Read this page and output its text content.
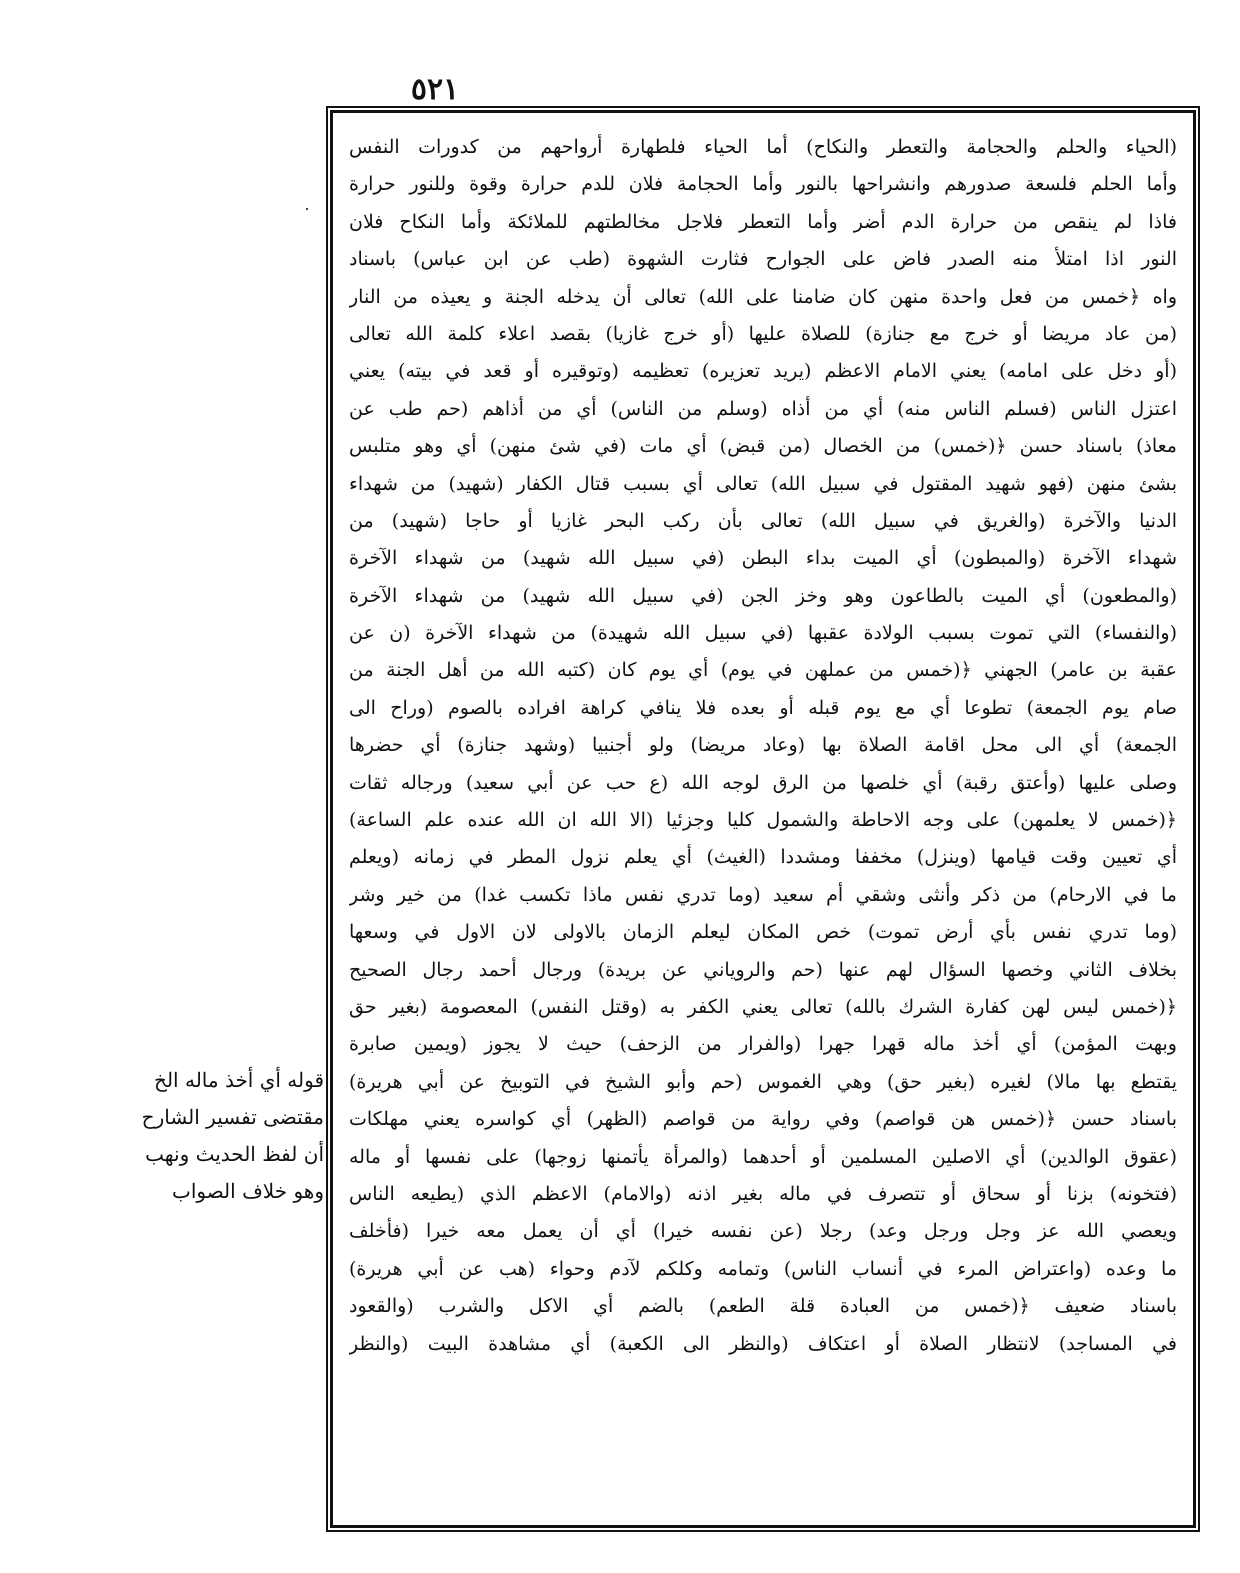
٥٢١
(الحياء والحلم والحجامة والتعطر والنكاح) أما الحياء فلطهارة أرواحهم من كدورات النفس
وأما الحلم فلسعة صدورهم وانشراحها بالنور وأما الحجامة فلان للدم حرارة وقوة وللنور حرارة
فاذا لم ينقص من حرارة الدم أضر وأما التعطر فلاجل مخالطتهم للملائكة وأما النكاح فلان
النور اذا امتلأ منه الصدر فاض على الجوارح فثارت الشهوة (طب عن ابن عباس) باسناد
واه ﴿خمس من فعل واحدة منهن كان ضامنا على الله) تعالى أن يدخله الجنة و يعيذه من النار
(من عاد مريضا أو خرج مع جنازة) للصلاة عليها (أو خرج غازيا) بقصد اعلاء كلمة الله تعالى
(أو دخل على امامه) يعني الامام الاعظم (يريد تعزيره) تعظيمه (وتوقيره أو قعد في بيته) يعني
اعتزل الناس (فسلم الناس منه) أي من أذاه (وسلم من الناس) أي من أذاهم (حم طب عن
معاذ) باسناد حسن ﴿(خمس) من الخصال (من قبض) أي مات (في شئ منهن) أي وهو متلبس
بشئ منهن (فهو شهيد المقتول في سبيل الله) تعالى أي بسبب قتال الكفار (شهيد) من شهداء
الدنيا والآخرة (والغريق في سبيل الله) تعالى بأن ركب البحر غازيا أو حاجا (شهيد) من
شهداء الآخرة (والمبطون) أي الميت بداء البطن (في سبيل الله شهيد) من شهداء الآخرة
(والمطعون) أي الميت بالطاعون وهو وخز الجن (في سبيل الله شهيد) من شهداء الآخرة
(والنفساء) التي تموت بسبب الولادة عقبها (في سبيل الله شهيدة) من شهداء الآخرة (ن عن
عقبة بن عامر) الجهني ﴿(خمس من عملهن في يوم) أي يوم كان (كتبه الله من أهل الجنة من
صام يوم الجمعة) تطوعا أي مع يوم قبله أو بعده فلا ينافي كراهة افراده بالصوم (وراح الى
الجمعة) أي الى محل اقامة الصلاة بها (وعاد مريضا) ولو أجنبيا (وشهد جنازة) أي حضرها
وصلى عليها (وأعتق رقبة) أي خلصها من الرق لوجه الله (ع حب عن أبي سعيد) ورجاله ثقات
﴿(خمس لا يعلمهن) على وجه الاحاطة والشمول كليا وجزئيا (الا الله ان الله عنده علم الساعة)
أي تعيين وقت قيامها (وينزل) مخففا ومشددا (الغيث) أي يعلم نزول المطر في زمانه (ويعلم
ما في الارحام) من ذكر وأنثى وشقي أم سعيد (وما تدري نفس ماذا تكسب غدا) من خير وشر
(وما تدري نفس بأي أرض تموت) خص المكان ليعلم الزمان بالاولى لان الاول في وسعها
بخلاف الثاني وخصها السؤال لهم عنها (حم والروياني عن بريدة) ورجال أحمد رجال الصحيح
﴿(خمس ليس لهن كفارة الشرك بالله) تعالى يعني الكفر به (وقتل النفس) المعصومة (بغير حق
وبهت المؤمن) أي أخذ ماله قهرا جهرا (والفرار من الزحف) حيث لا يجوز (ويمين صابرة
يقتطع بها مالا) لغيره (بغير حق) وهي الغموس (حم وأبو الشيخ في التوبيخ عن أبي هريرة)
باسناد حسن ﴿(خمس هن قواصم) وفي رواية من قواصم (الظهر) أي كواسره يعني مهلكات
(عقوق الوالدين) أي الاصلين المسلمين أو أحدهما (والمرأة يأتمنها زوجها) على نفسها أو ماله
(فتخونه) بزنا أو سحاق أو تتصرف في ماله بغير اذنه (والامام) الاعظم الذي (يطيعه الناس
ويعصي الله عز وجل ورجل وعد) رجلا (عن نفسه خيرا) أي أن يعمل معه خيرا (فأخلف
ما وعده (واعتراض المرء في أنساب الناس) وتمامه وكلكم لآدم وحواء (هب عن أبي هريرة)
باسناد ضعيف ﴿(خمس من العبادة قلة الطعم) بالضم أي الاكل والشرب (والقعود
في المساجد) لانتظار الصلاة أو اعتكاف (والنظر الى الكعبة) أي مشاهدة البيت (والنظر
قوله أي أخذ ماله الخ
مقتضى تفسير الشارح
أن لفظ الحديث ونهب
وهو خلاف الصواب
